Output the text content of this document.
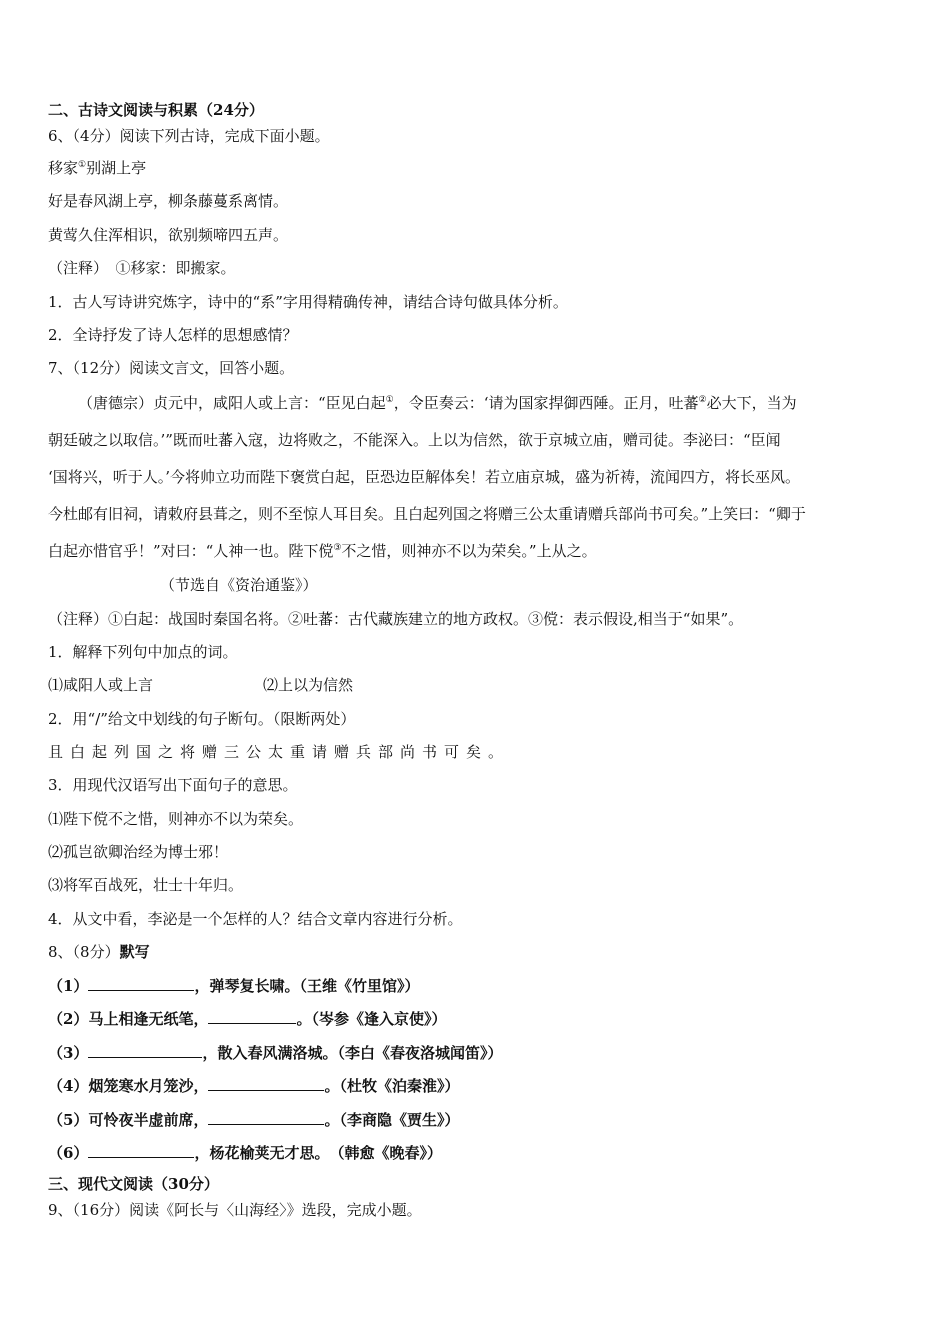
二、古诗文阅读与积累（24分）
6、（4分）阅读下列古诗，完成下面小题。
移家①别湖上亭
好是春风湖上亭，柳条藤蔓系离情。
黄莺久住浑相识，欲别频啼四五声。
（注释）　①移家：即搬家。
1．古人写诗讲究炼字，诗中的“系”字用得精确传神，请结合诗句做具体分析。
2．全诗抒发了诗人怎样的思想感情？
7、（12分）阅读文言文，回答小题。
（唐德宗）贞元中，咸阳人或上言：“臣见白起①，令臣奏云：‘请为国家捍御西陲。正月，吐蕃②必大下，当为
朝廷破之以取信。’”既而吐蕃入寇，边将败之，不能深入。上以为信然，欲于京城立庙，赠司徒。李泌曰：“臣闻
‘国将兴，听于人。’今将帅立功而陛下褒赏白起，臣恐边臣解体矣！若立庙京城，盛为祈祷，流闻四方，将长巫风。
今杜邮有旧祠，请敕府县葺之，则不至惊人耳目矣。且白起列国之将赠三公太重请赠兵部尚书可矣。”上笑曰：“卿于
白起亦惜官乎！”对曰：“人神一也。陛下傥③不之惜，则神亦不以为荣矣。”上从之。
（节选自《资治通鉴》）
（注释）①白起：战国时秦国名将。②吐蕃：古代藏族建立的地方政权。③傥：表示假设,相当于“如果”。
1．解释下列句中加点的词。
⑴咸阳人或上言	⑵上以为信然
2．用“/”给文中划线的句子断句。（限断两处）
且白起列国之将赠三公太重请赠兵部尚书可矣。
3．用现代汉语写出下面句子的意思。
⑴陛下傥不之惜，则神亦不以为荣矣。
⑵孤岂欲卿治经为博士邪！
⑶将军百战死，壮士十年归。
4．从文中看，李泌是一个怎样的人？结合文章内容进行分析。
8、（8分）默写
（1）	，弹琴复长啸。（王维《竹里馆》）
（2）马上相逢无纸笔，	。（岑参《逢入京使》）
（3）	，散入春风满洛城。（李白《春夜洛城闻笛》）
（4）烟笼寒水月笼沙，	。（杜牧《泊秦淮》）
（5）可怜夜半虚前席，	。（李商隐《贾生》）
（6）	，杨花榆荚无才思。　（韩愈《晚春》）
三、现代文阅读（30分）
9、（16分）阅读《阿长与〈山海经〉》选段，完成小题。
